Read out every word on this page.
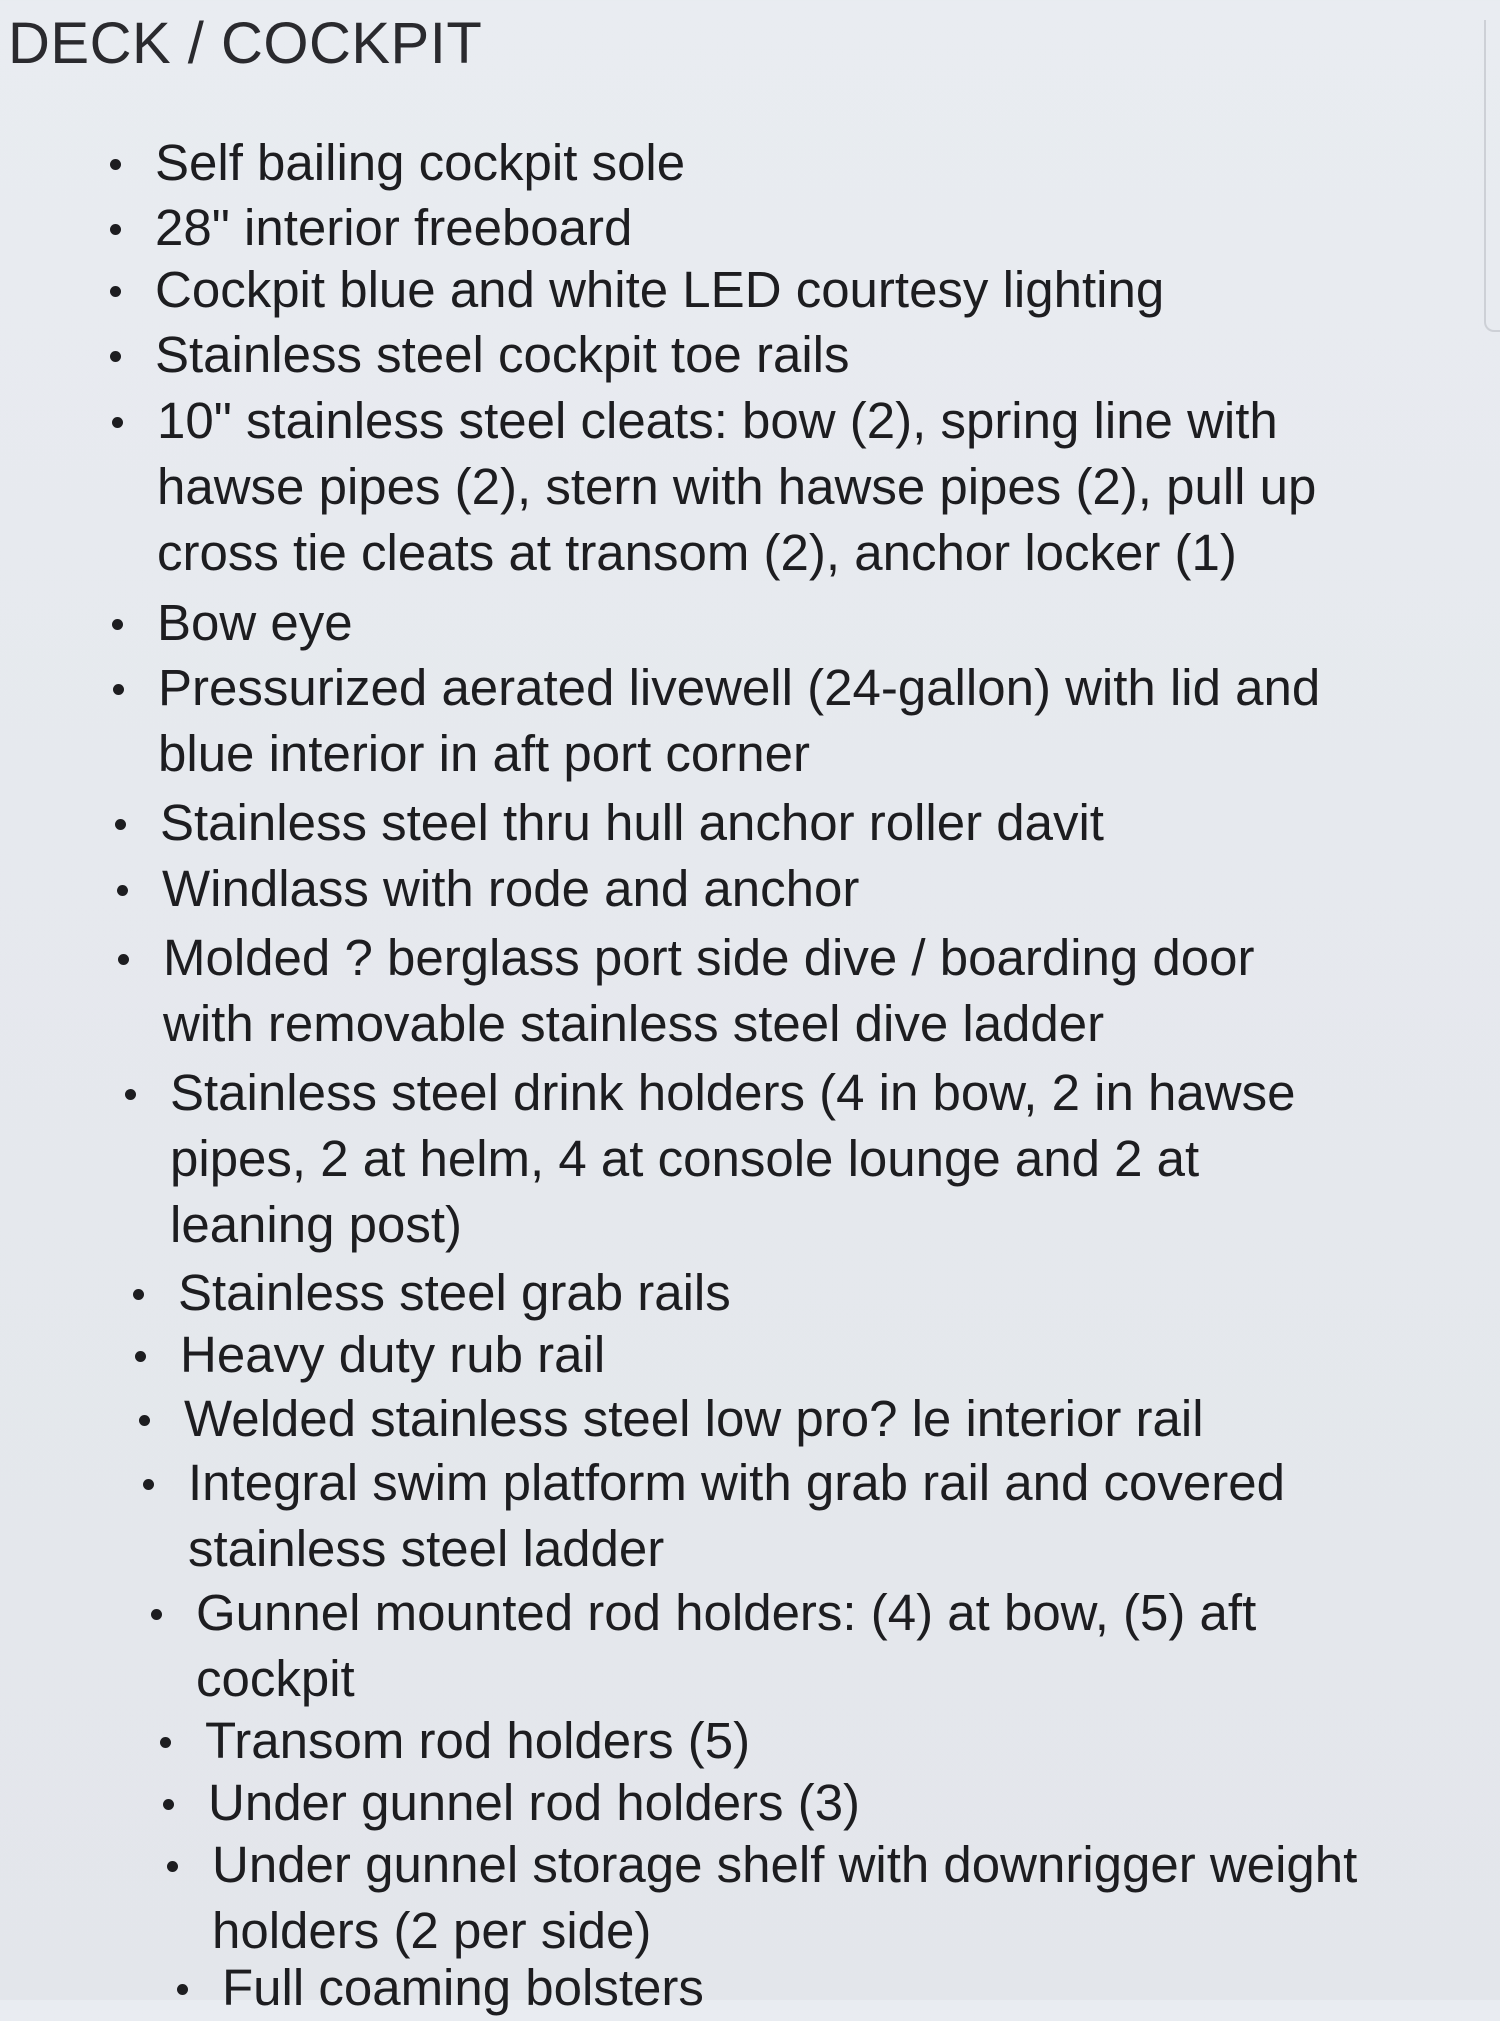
DECK / COCKPIT
Self bailing cockpit sole
28" interior freeboard
Cockpit blue and white LED courtesy lighting
Stainless steel cockpit toe rails
10" stainless steel cleats: bow (2), spring line with
hawse pipes (2), stern with hawse pipes (2), pull up
cross tie cleats at transom (2), anchor locker (1)
Bow eye
Pressurized aerated livewell (24-gallon) with lid and
blue interior in aft port corner
Stainless steel thru hull anchor roller davit
Windlass with rode and anchor
Molded ? berglass port side dive / boarding door
with removable stainless steel dive ladder
Stainless steel drink holders (4 in bow, 2 in hawse
pipes, 2 at helm, 4 at console lounge and 2 at
leaning post)
Stainless steel grab rails
Heavy duty rub rail
Welded stainless steel low pro? le interior rail
Integral swim platform with grab rail and covered
stainless steel ladder
Gunnel mounted rod holders: (4) at bow, (5) aft
cockpit
Transom rod holders (5)
Under gunnel rod holders (3)
Under gunnel storage shelf with downrigger weight
holders (2 per side)
Full coaming bolsters
